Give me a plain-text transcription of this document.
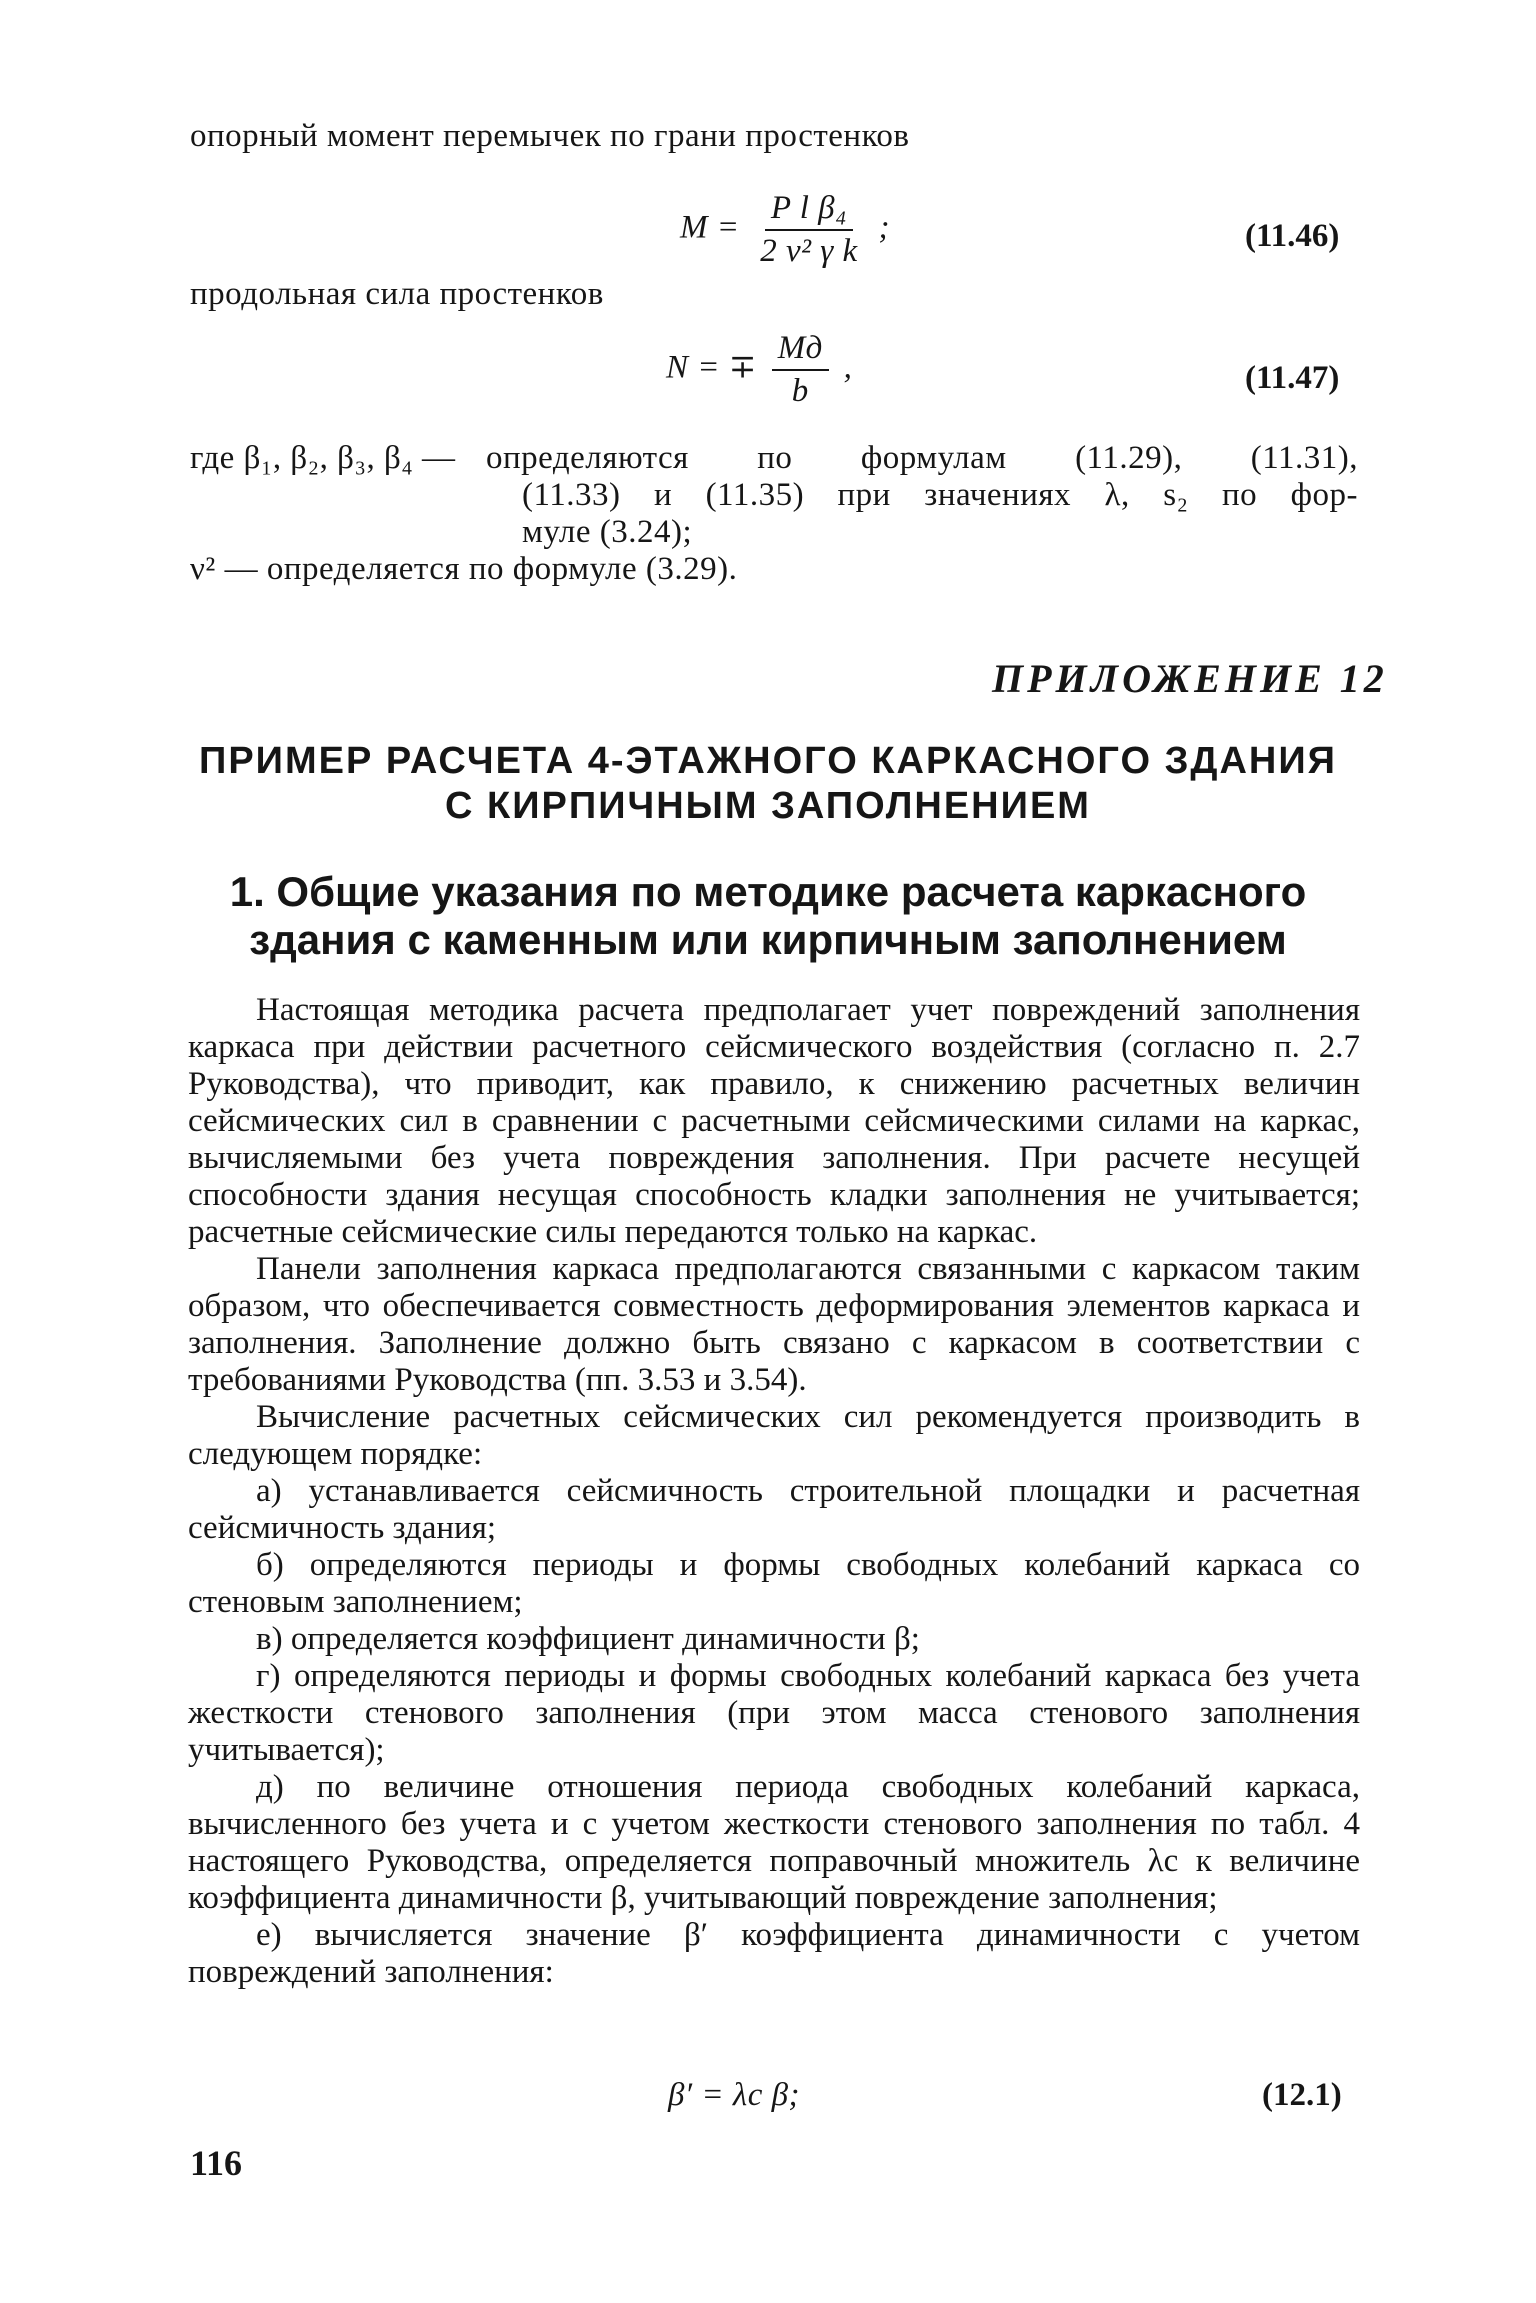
опорный момент перемычек по грани простенков
$M = \frac{\text{P l β₄}}{\text{2 ν² γ k}}$ ;	(11.46)
продольная сила простенков
N = ∓ $\frac{Mд}{b}$ ,	(11.47)
где β₁, β₂, β₃, β₄ — определяются по формулам (11.29), (11.31),
(11.33) и (11.35) при значениях λ, s₂ по фор-
муле (3.24);
ν² — определяется по формуле (3.29).
ПРИЛОЖЕНИЕ 12
ПРИМЕР РАСЧЕТА 4-ЭТАЖНОГО КАРКАСНОГО ЗДАНИЯ
С КИРПИЧНЫМ ЗАПОЛНЕНИЕМ
1. Общие указания по методике расчета каркасного
здания с каменным или кирпичным заполнением

Настоящая методика расчета предполагает учет повреждений заполнения каркаса при действии расчетного сейсмического воздействия (согласно п. 2.7 Руководства), что приводит, как правило, к снижению расчетных величин сейсмических сил в сравнении с расчетными сейсмическими силами на каркас, вычисляемыми без учета повреждения заполнения. При расчете несущей способности здания несущая способность кладки заполнения не учитывается; расчетные сейсмические силы передаются только на каркас.

Панели заполнения каркаса предполагаются связанными с каркасом таким образом, что обеспечивается совместность деформирования элементов каркаса и заполнения. Заполнение должно быть связано с каркасом в соответствии с требованиями Руководства (пп. 3.53 и 3.54).

Вычисление расчетных сейсмических сил рекомендуется производить в следующем порядке:

а) устанавливается сейсмичность строительной площадки и расчетная сейсмичность здания;

б) определяются периоды и формы свободных колебаний каркаса со стеновым заполнением;

в) определяется коэффициент динамичности β;

г) определяются периоды и формы свободных колебаний каркаса без учета жесткости стенового заполнения (при этом масса стенового заполнения учитывается);

д) по величине отношения периода свободных колебаний каркаса, вычисленного без учета и с учетом жесткости стенового заполнения по табл. 4 настоящего Руководства, определяется поправочный множитель λc к величине коэффициента динамичности β, учитывающий повреждение заполнения;

е) вычисляется значение β′ коэффициента динамичности с учетом повреждений заполнения:

β′ = λc β;	(12.1)
116
